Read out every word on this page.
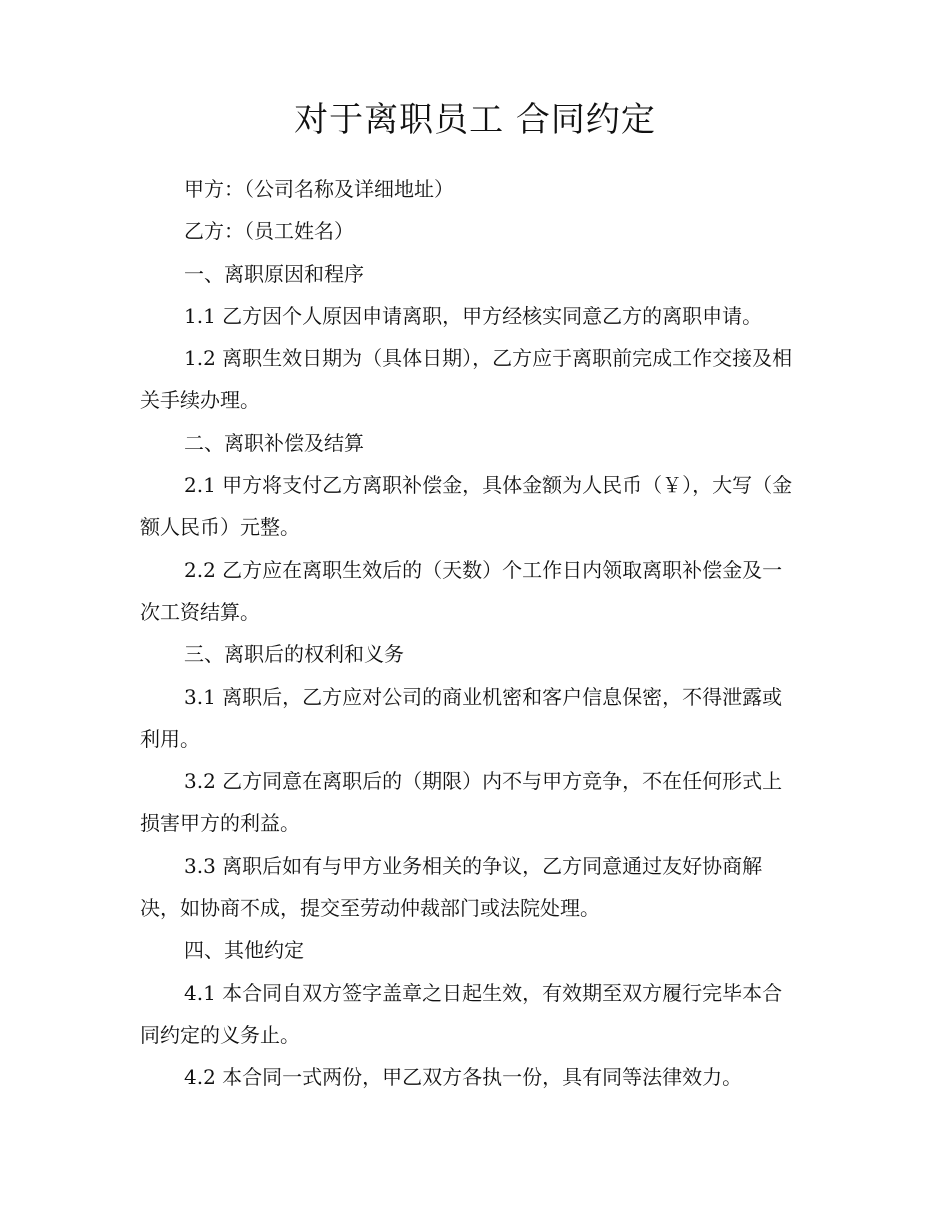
对于离职员工 合同约定

甲方：（公司名称及详细地址）

乙方：（员工姓名）

一、离职原因和程序

1.1 乙方因个人原因申请离职，甲方经核实同意乙方的离职申请。

1.2 离职生效日期为（具体日期），乙方应于离职前完成工作交接及相关手续办理。

二、离职补偿及结算

2.1 甲方将支付乙方离职补偿金，具体金额为人民币（￥），大写（金额人民币）元整。

2.2 乙方应在离职生效后的（天数）个工作日内领取离职补偿金及一次工资结算。

三、离职后的权利和义务

3.1 离职后，乙方应对公司的商业机密和客户信息保密，不得泄露或利用。

3.2 乙方同意在离职后的（期限）内不与甲方竞争，不在任何形式上损害甲方的利益。

3.3 离职后如有与甲方业务相关的争议，乙方同意通过友好协商解决，如协商不成，提交至劳动仲裁部门或法院处理。

四、其他约定

4.1 本合同自双方签字盖章之日起生效，有效期至双方履行完毕本合同约定的义务止。

4.2 本合同一式两份，甲乙双方各执一份，具有同等法律效力。
